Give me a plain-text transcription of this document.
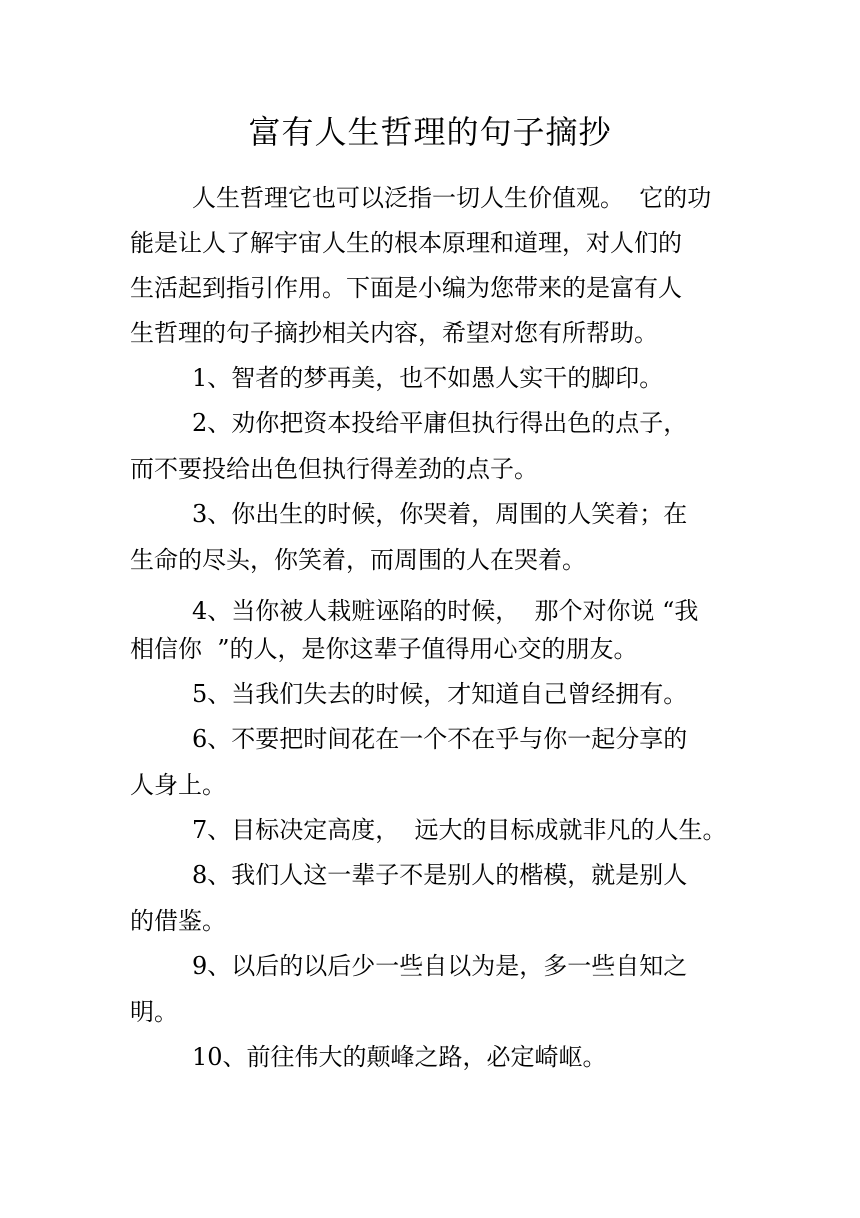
富有人生哲理的句子摘抄
人生哲理它也可以泛指一切人生价值观。  它的功
能是让人了解宇宙人生的根本原理和道理，对人们的
生活起到指引作用。下面是小编为您带来的是富有人
生哲理的句子摘抄相关内容，希望对您有所帮助。
1、智者的梦再美，也不如愚人实干的脚印。
2、劝你把资本投给平庸但执行得出色的点子，
而不要投给出色但执行得差劲的点子。
3、你出生的时候，你哭着，周围的人笑着；在
生命的尽头，你笑着，而周围的人在哭着。
4、当你被人栽赃诬陷的时候，  那个对你说 “我
相信你  ”的人，是你这辈子值得用心交的朋友。
5、当我们失去的时候，才知道自己曾经拥有。
6、不要把时间花在一个不在乎与你一起分享的
人身上。
7、目标决定高度，  远大的目标成就非凡的人生。
8、我们人这一辈子不是别人的楷模，就是别人
的借鉴。
9、以后的以后少一些自以为是，多一些自知之
明。
10、前往伟大的颠峰之路，必定崎岖。
